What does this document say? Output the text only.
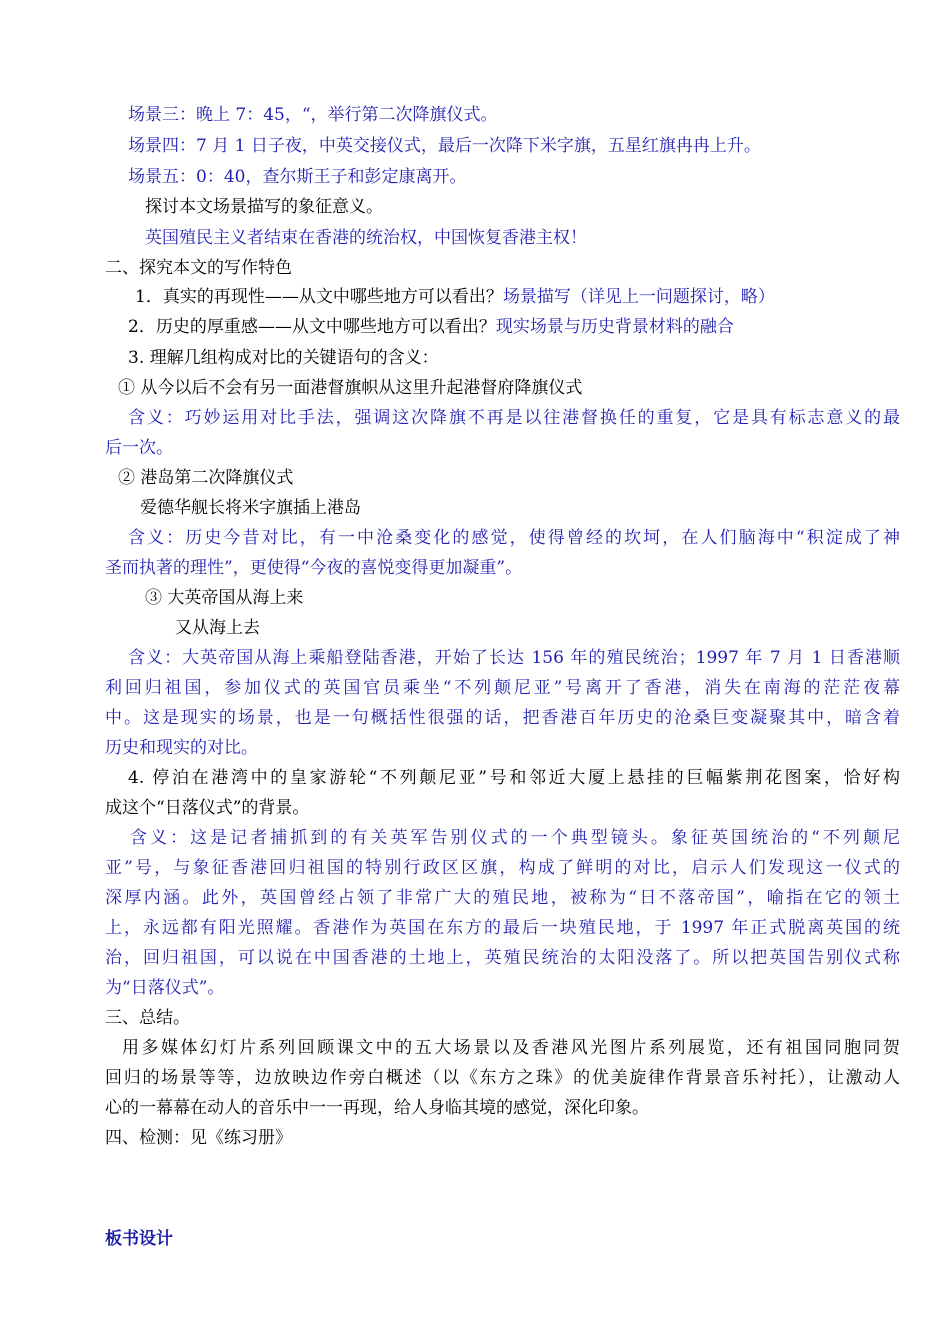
场景三：晚上 7：45，“，举行第二次降旗仪式。
场景四：7 月 1 日子夜，中英交接仪式，最后一次降下米字旗，五星红旗冉冉上升。
场景五：0：40，查尔斯王子和彭定康离开。
探讨本文场景描写的象征意义。
英国殖民主义者结束在香港的统治权，中国恢复香港主权！
二、探究本文的写作特色
1．真实的再现性——从文中哪些地方可以看出？场景描写（详见上一问题探讨，略）
2．历史的厚重感——从文中哪些地方可以看出？现实场景与历史背景材料的融合
3. 理解几组构成对比的关键语句的含义：
① 从今以后不会有另一面港督旗帜从这里升起港督府降旗仪式
含义：巧妙运用对比手法，强调这次降旗不再是以往港督换任的重复，它是具有标志意义的最
后一次。
② 港岛第二次降旗仪式
爱德华舰长将米字旗插上港岛
含义：历史今昔对比，有一中沧桑变化的感觉，使得曾经的坎坷，在人们脑海中“积淀成了神
圣而执著的理性”，更使得“今夜的喜悦变得更加凝重”。
③ 大英帝国从海上来
又从海上去
含义：大英帝国从海上乘船登陆香港，开始了长达 156 年的殖民统治；1997 年 7 月 1 日香港顺
利回归祖国，参加仪式的英国官员乘坐“不列颠尼亚”号离开了香港，消失在南海的茫茫夜幕
中。这是现实的场景，也是一句概括性很强的话，把香港百年历史的沧桑巨变凝聚其中，暗含着
历史和现实的对比。
4. 停泊在港湾中的皇家游轮“不列颠尼亚”号和邻近大厦上悬挂的巨幅紫荆花图案，恰好构
成这个“日落仪式”的背景。
含义：这是记者捕抓到的有关英军告别仪式的一个典型镜头。象征英国统治的“不列颠尼
亚”号，与象征香港回归祖国的特别行政区区旗，构成了鲜明的对比，启示人们发现这一仪式的
深厚内涵。此外，英国曾经占领了非常广大的殖民地，被称为“日不落帝国”，喻指在它的领土
上，永远都有阳光照耀。香港作为英国在东方的最后一块殖民地，于 1997 年正式脱离英国的统
治，回归祖国，可以说在中国香港的土地上，英殖民统治的太阳没落了。所以把英国告别仪式称
为“日落仪式”。
三、总结。
用多媒体幻灯片系列回顾课文中的五大场景以及香港风光图片系列展览，还有祖国同胞同贺
回归的场景等等，边放映边作旁白概述（以《东方之珠》的优美旋律作背景音乐衬托），让激动人
心的一幕幕在动人的音乐中一一再现，给人身临其境的感觉，深化印象。
四、检测：见《练习册》
板书设计
